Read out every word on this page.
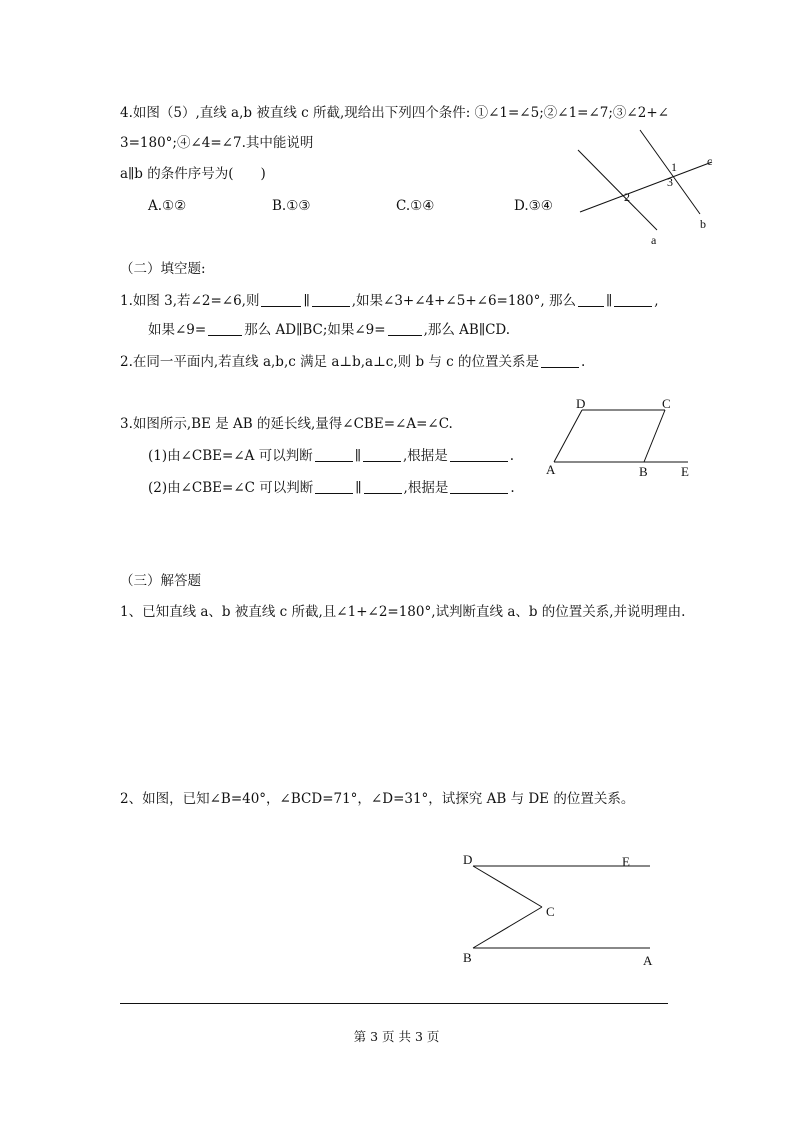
4.如图（5）,直线 a,b 被直线 c 所截,现给出下列四个条件: ①∠1=∠5;②∠1=∠7;③∠2+∠
3=180°;④∠4=∠7.其中能说明
a∥b 的条件序号为(　　)
A.①②	B.①③	C.①④	D.③④
（二）填空题:
1.如图 3,若∠2=∠6,则	∥	,如果∠3+∠4+∠5+∠6=180°, 那么 ∥	,
如果∠9=	那么 AD∥BC;如果∠9=	,那么 AB∥CD.
2.在同一平面内,若直线 a,b,c 满足 a⊥b,a⊥c,则 b 与 c 的位置关系是	.
3.如图所示,BE 是 AB 的延长线,量得∠CBE=∠A=∠C.
(1)由∠CBE=∠A 可以判断	∥	,根据是	.
(2)由∠CBE=∠C 可以判断	∥	,根据是	.
（三）解答题
1、已知直线 a、b 被直线 c 所截,且∠1+∠2=180°,试判断直线 a、b 的位置关系,并说明理由.
2、如图，已知∠B=40°，∠BCD=71°，∠D=31°，试探究 AB 与 DE 的位置关系。
1	c
2
3
b
a
D	C
A	B	E
D	E
C
B	A
第 3 页 共 3 页
